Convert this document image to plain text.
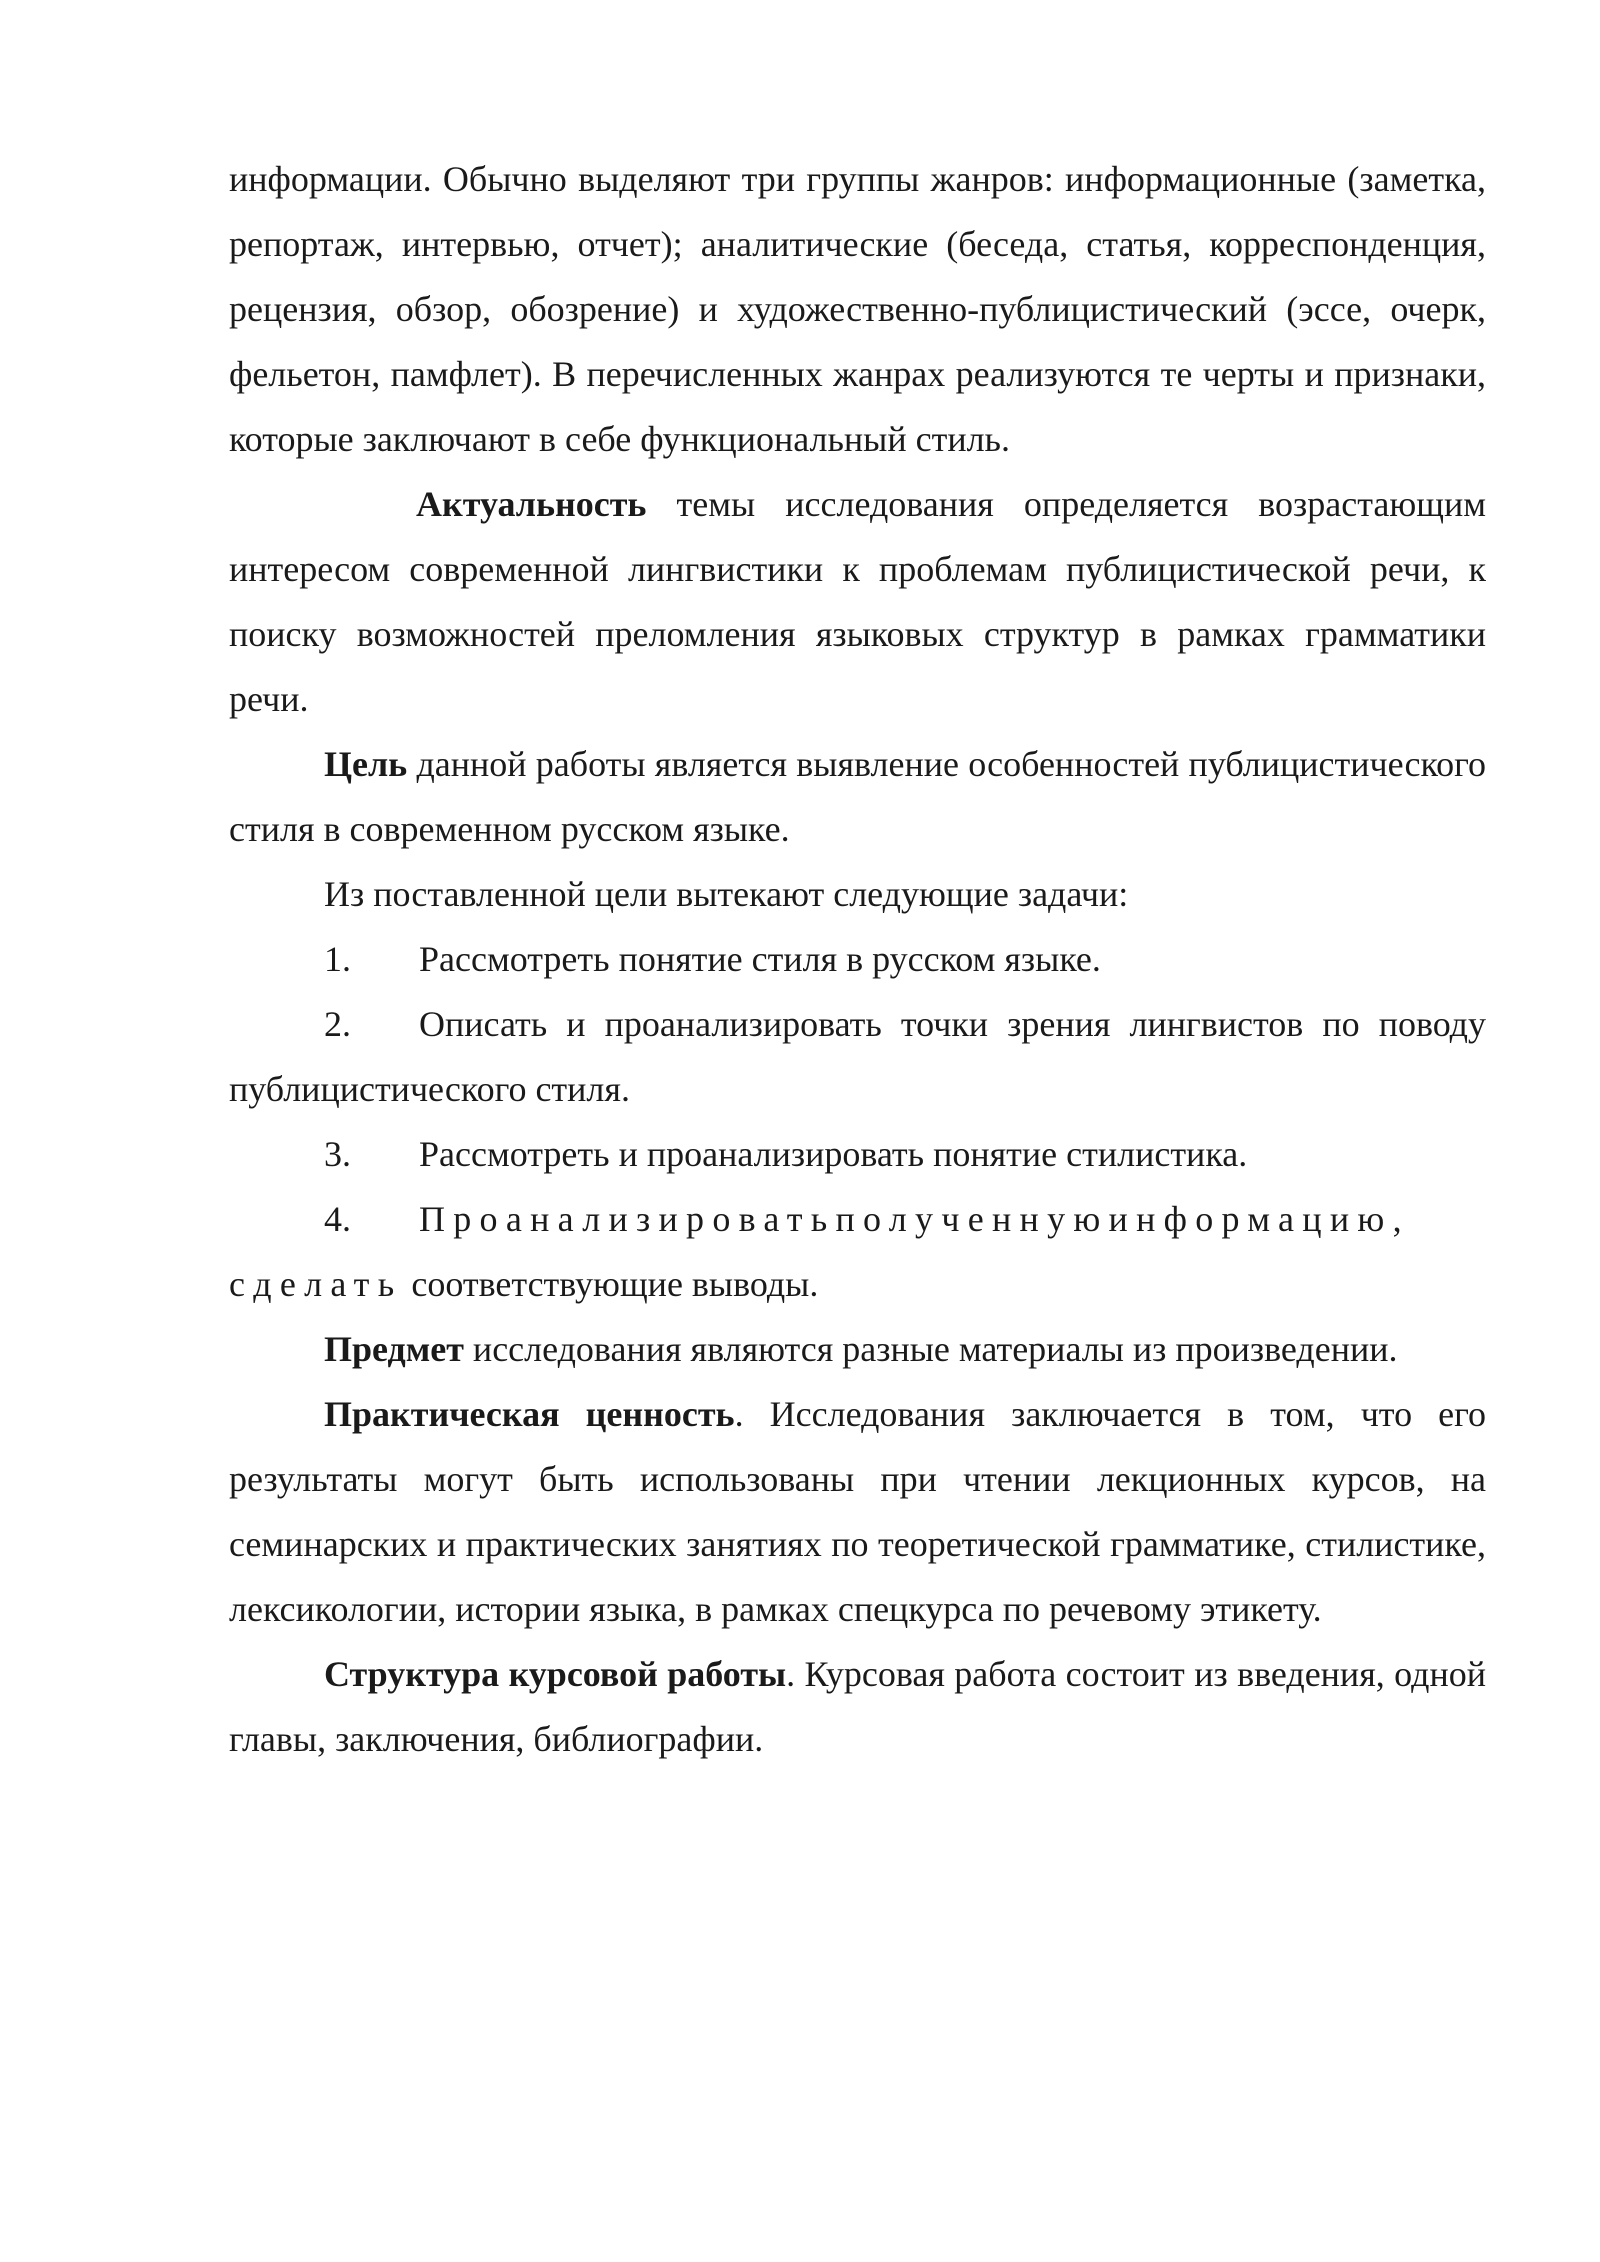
информации. Обычно выделяют три группы жанров: информационные (заметка, репортаж, интервью, отчет); аналитические (беседа, статья, корреспонденция, рецензия, обзор, обозрение) и художественно-публицистический (эссе, очерк, фельетон, памфлет). В перечисленных жанрах реализуются те черты и признаки, которые заключают в себе функциональный стиль.

Актуальность темы исследования определяется возрастающим интересом современной лингвистики к проблемам публицистической речи, к поиску возможностей преломления языковых структур в рамках грамматики речи.

Цель данной работы является выявление особенностей публицистического стиля в современном русском языке.

Из поставленной цели вытекают следующие задачи:

1. Рассмотреть понятие стиля в русском языке.

2. Описать и проанализировать точки зрения лингвистов по поводу публицистического стиля.

3. Рассмотреть и проанализировать понятие стилистика.

4. Проанализироватьполученнуюинформацию,

сделать соответствующие выводы.

Предмет исследования являются разные материалы из произведении.

Практическая ценность. Исследования заключается в том, что его результаты могут быть использованы при чтении лекционных курсов, на семинарских и практических занятиях по теоретической грамматике, стилистике, лексикологии, истории языка, в рамках спецкурса по речевому этикету.

Структура курсовой работы. Курсовая работа состоит из введения, одной главы, заключения, библиографии.
